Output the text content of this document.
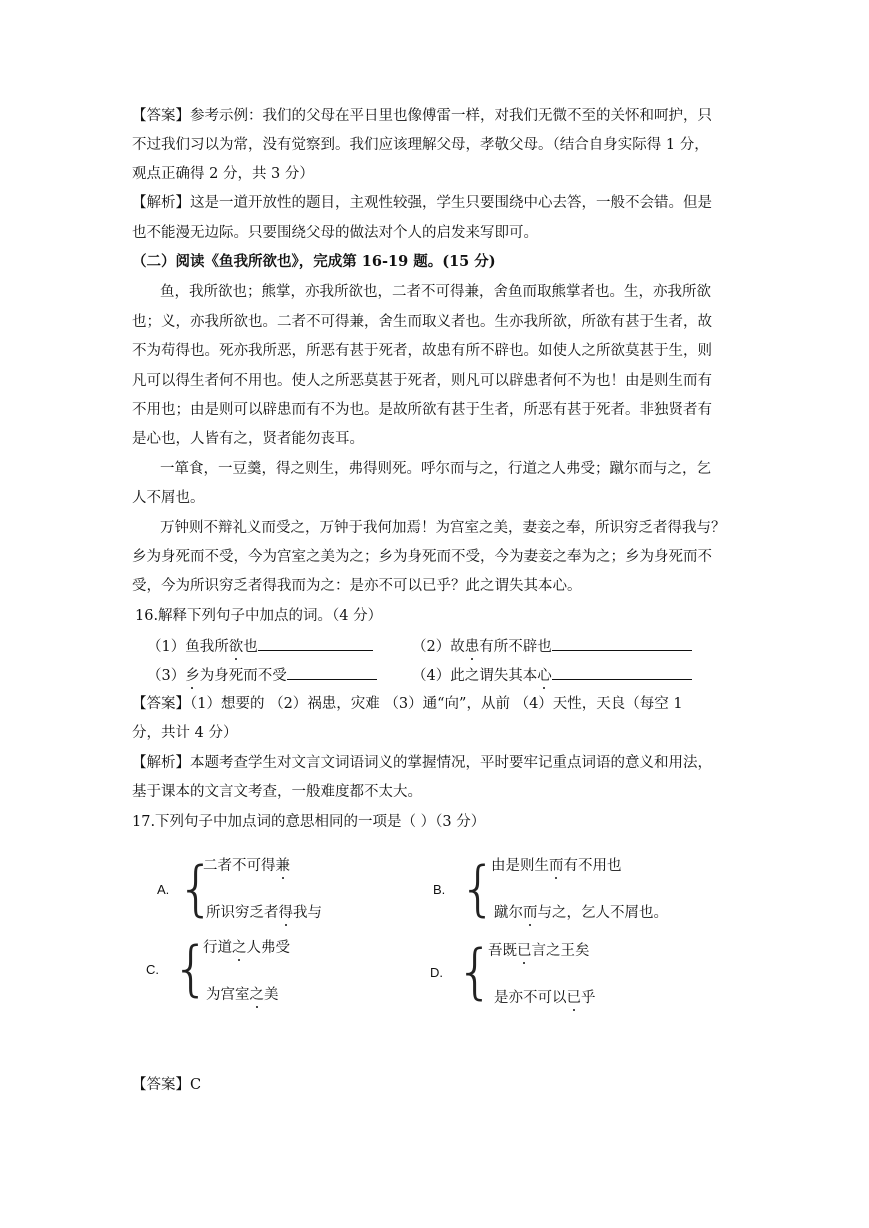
【答案】参考示例：我们的父母在平日里也像傅雷一样，对我们无微不至的关怀和呵护，只
不过我们习以为常，没有觉察到。我们应该理解父母，孝敬父母。（结合自身实际得 1 分，
观点正确得 2 分，共 3 分）
【解析】这是一道开放性的题目，主观性较强，学生只要围绕中心去答，一般不会错。但是
也不能漫无边际。只要围绕父母的做法对个人的启发来写即可。
（二）阅读《鱼我所欲也》，完成第 16-19 题。(15 分)
鱼，我所欲也；熊掌，亦我所欲也，二者不可得兼，舍鱼而取熊掌者也。生，亦我所欲
也；义，亦我所欲也。二者不可得兼，舍生而取义者也。生亦我所欲，所欲有甚于生者，故
不为苟得也。死亦我所恶，所恶有甚于死者，故患有所不辟也。如使人之所欲莫甚于生，则
凡可以得生者何不用也。使人之所恶莫甚于死者，则凡可以辟患者何不为也！由是则生而有
不用也；由是则可以辟患而有不为也。是故所欲有甚于生者，所恶有甚于死者。非独贤者有
是心也，人皆有之，贤者能勿丧耳。
一箪食，一豆羹，得之则生，弗得则死。呼尔而与之，行道之人弗受；蹴尔而与之，乞
人不屑也。
万钟则不辩礼义而受之，万钟于我何加焉！为宫室之美，妻妾之奉，所识穷乏者得我与？
乡为身死而不受，今为宫室之美为之；乡为身死而不受，今为妻妾之奉为之；乡为身死而不
受，今为所识穷乏者得我而为之：是亦不可以已乎？此之谓失其本心。
16.解释下列句子中加点的词。（4 分）
（1）鱼我所欲也	（2）故患有所不辟也
（3）乡为身死而不受	（4）此之谓失其本心
【答案】（1）想要的 （2）祸患，灾难 （3）通“向”，从前 （4）天性，天良（每空 1
分，共计 4 分）
【解析】本题考查学生对文言文词语词义的掌握情况，平时要牢记重点词语的意义和用法，
基于课本的文言文考查，一般难度都不太大。
17.下列句子中加点词的意思相同的一项是（ ）（3 分）
A. {
二者不可得兼
所识穷乏者得我与
B. {
由是则生而有不用也
蹴尔而与之，乞人不屑也。
C. {
行道之人弗受
为宫室之美
D. {
吾既已言之王矣
是亦不可以已乎
【答案】C
